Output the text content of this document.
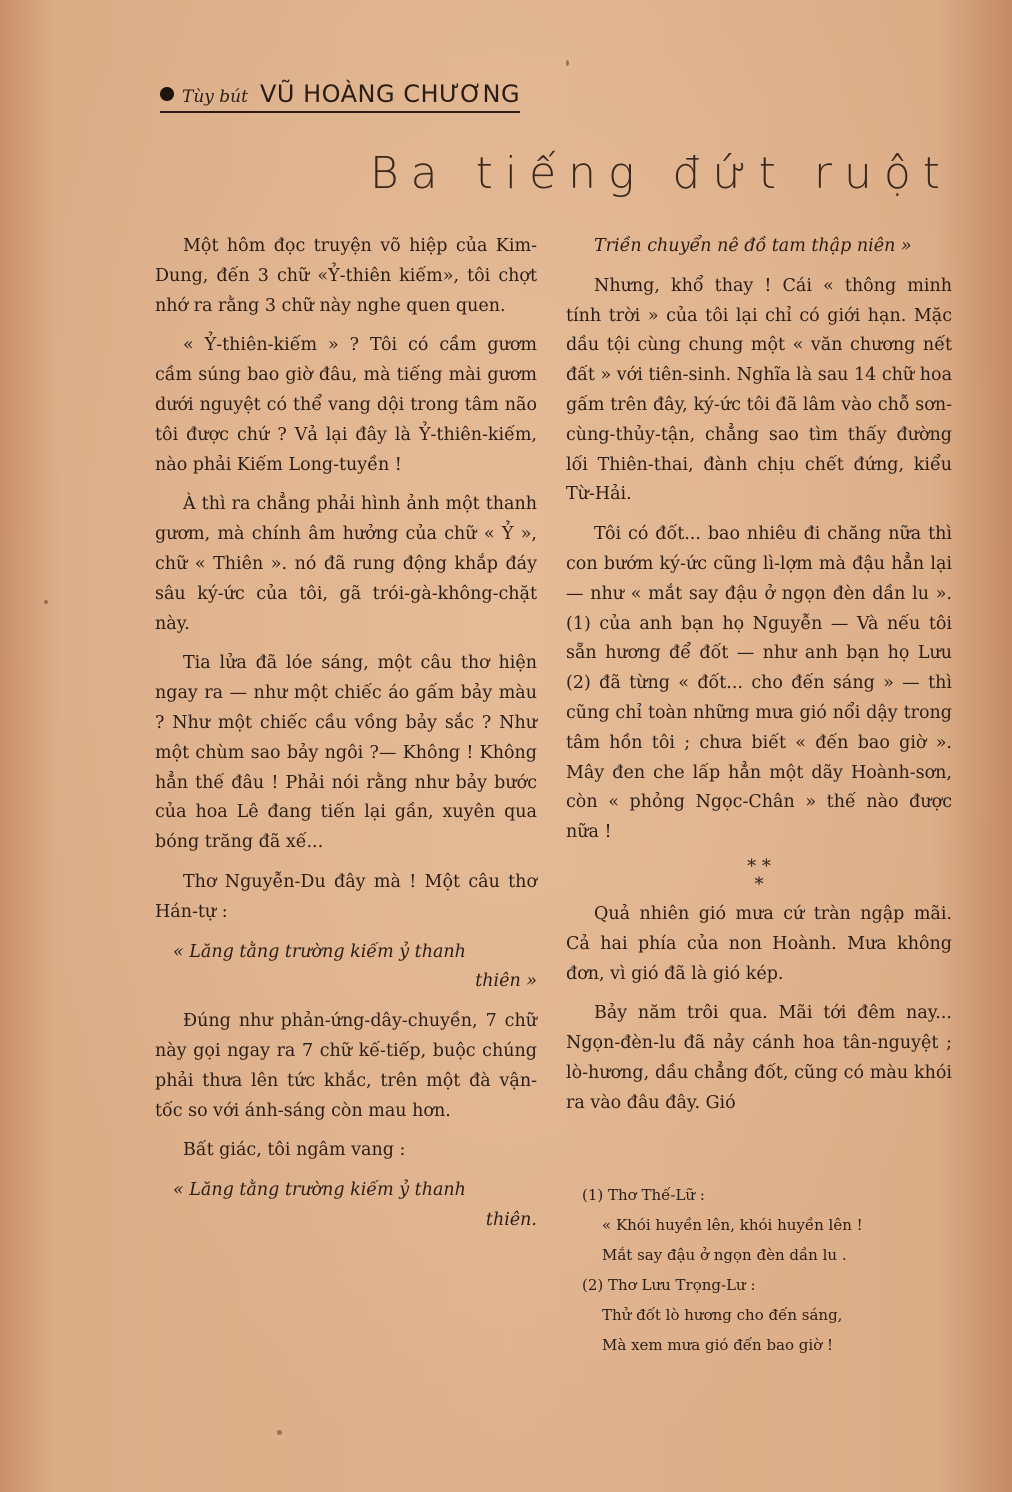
Tùy bút VŨ HOÀNG CHƯƠNG
Ba tiếng đứt ruột

Một hôm đọc truyện võ hiệp của Kim-Dung, đến 3 chữ «Ỷ-thiên kiếm», tôi chợt nhớ ra rằng 3 chữ này nghe quen quen.

« Ỷ-thiên-kiếm » ? Tôi có cầm gươm cầm súng bao giờ đâu, mà tiếng mài gươm dưới nguyệt có thể vang dội trong tâm não tôi được chứ ? Vả lại đây là Ỷ-thiên-kiếm, nào phải Kiếm Long-tuyền !

À thì ra chẳng phải hình ảnh một thanh gươm, mà chính âm hưởng của chữ « Ỷ », chữ « Thiên ». nó đã rung động khắp đáy sâu ký-ức của tôi, gã trói-gà-không-chặt này.

Tia lửa đã lóe sáng, một câu thơ hiện ngay ra — như một chiếc áo gấm bảy màu ? Như một chiếc cầu vồng bảy sắc ? Như một chùm sao bảy ngôi ?— Không ! Không hẳn thế đâu ! Phải nói rằng như bảy bước của hoa Lê đang tiến lại gần, xuyên qua bóng trăng đã xế...

Thơ Nguyễn-Du đây mà ! Một câu thơ Hán-tự :

« Lăng tằng trường kiếm ỷ thanh
thiên »

Đúng như phản-ứng-dây-chuyền, 7 chữ này gọi ngay ra 7 chữ kế-tiếp, buộc chúng phải thưa lên tức khắc, trên một đà vận-tốc so với ánh-sáng còn mau hơn.

Bất giác, tôi ngâm vang :

« Lăng tằng trường kiếm ỷ thanh
thiên.

Triền chuyển nê đồ tam thập niên »

Nhưng, khổ thay ! Cái « thông minh tính trời » của tôi lại chỉ có giới hạn. Mặc dầu tội cùng chung một « văn chương nết đất » với tiên-sinh. Nghĩa là sau 14 chữ hoa gấm trên đây, ký-ức tôi đã lâm vào chỗ sơn-cùng-thủy-tận, chẳng sao tìm thấy đường lối Thiên-thai, đành chịu chết đứng, kiểu Từ-Hải.

Tôi có đốt... bao nhiêu đi chăng nữa thì con bướm ký-ức cũng lì-lợm mà đậu hẳn lại — như « mắt say đậu ở ngọn đèn dần lu ». (1) của anh bạn họ Nguyễn — Và nếu tôi sẵn hương để đốt — như anh bạn họ Lưu (2) đã từng « đốt... cho đến sáng » — thì cũng chỉ toàn những mưa gió nổi dậy trong tâm hồn tôi ; chưa biết « đến bao giờ ». Mây đen che lấp hẳn một dãy Hoành-sơn, còn « phỏng Ngọc-Chân » thế nào được nữa !

* *
*

Quả nhiên gió mưa cứ tràn ngập mãi. Cả hai phía của non Hoành. Mưa không đơn, vì gió đã là gió kép.

Bảy năm trôi qua. Mãi tới đêm nay... Ngọn-đèn-lu đã nảy cánh hoa tân-nguyệt ; lò-hương, dầu chẳng đốt, cũng có màu khói ra vào đâu đây. Gió

(1) Thơ Thế-Lữ :
« Khói huyền lên, khói huyền lên !
Mắt say đậu ở ngọn đèn dần lu .
(2) Thơ Lưu Trọng-Lư :
Thử đốt lò hương cho đến sáng,
Mà xem mưa gió đến bao giờ !
